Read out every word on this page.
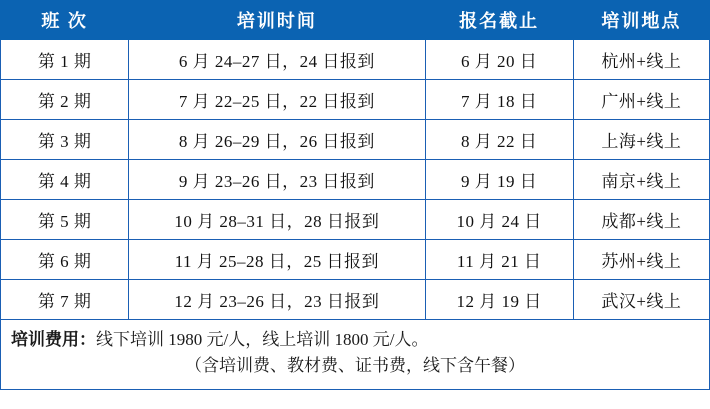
班 次	培训时间	报名截止	培训地点
第 1 期	6 月 24–27 日，24 日报到	6 月 20 日	杭州+线上
第 2 期	7 月 22–25 日，22 日报到	7 月 18 日	广州+线上
第 3 期	8 月 26–29 日，26 日报到	8 月 22 日	上海+线上
第 4 期	9 月 23–26 日，23 日报到	9 月 19 日	南京+线上
第 5 期	10 月 28–31 日，28 日报到	10 月 24 日	成都+线上
第 6 期	11 月 25–28 日，25 日报到	11 月 21 日	苏州+线上
第 7 期	12 月 23–26 日，23 日报到	12 月 19 日	武汉+线上
培训费用：线下培训 1980 元/人，线上培训 1800 元/人。
（含培训费、教材费、证书费，线下含午餐）
